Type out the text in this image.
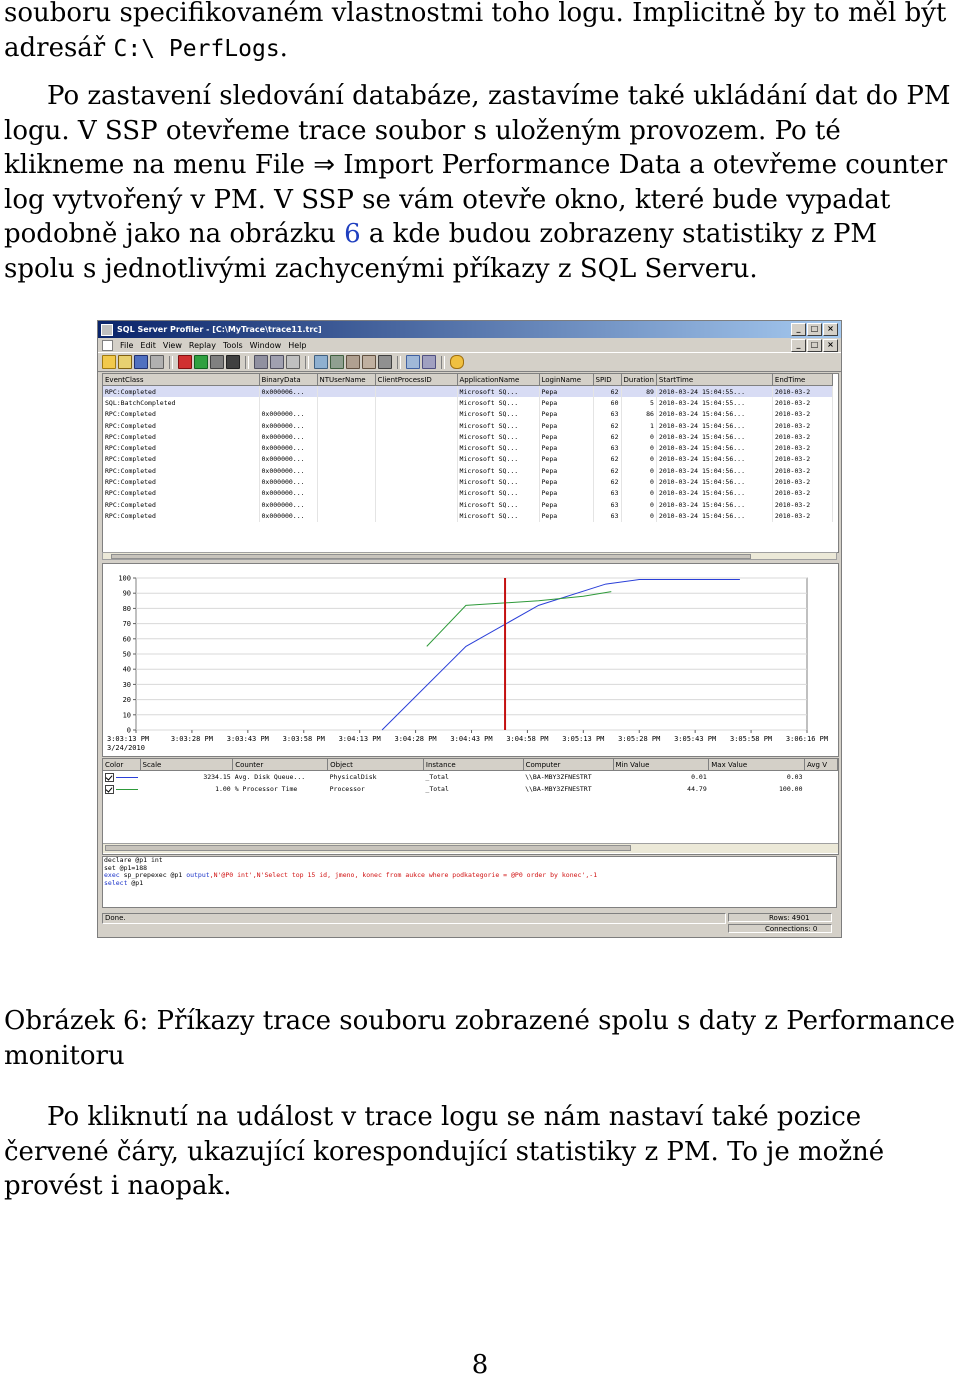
souboru specifikovaném vlastnostmi toho logu. Implicitně by to měl být
adresář C:\ PerfLogs.

Po zastavení sledování databáze, zastavíme také ukládání dat do PM logu. V SSP otevřeme trace soubor s uloženým provozem. Po té klikneme na menu File ⇒ Import Performance Data a otevřeme counter log vytvořený v PM. V SSP se vám otevře okno, které bude vypadat podobně jako na obrázku 6 a kde budou zobrazeny statistiky z PM spolu s jednotlivými zachycenými příkazy z SQL Serveru.

SQL Server Profiler - [C:\MyTrace\trace11.trc]	_	□	×
File Edit View Replay Tools Window Help	_	□	×
EventClass	BinaryData	NTUserName	ClientProcessID	ApplicationName	LoginName	SPID	Duration	StartTime	EndTime
RPC:Completed	0x000006...			Microsoft SQ...	Pepa	62	89	2010-03-24 15:04:55...	2010-03-2
SQL:BatchCompleted				Microsoft SQ...	Pepa	60	5	2010-03-24 15:04:55...	2010-03-2
RPC:Completed	0x000000...			Microsoft SQ...	Pepa	63	86	2010-03-24 15:04:56...	2010-03-2
RPC:Completed	0x000000...			Microsoft SQ...	Pepa	62	1	2010-03-24 15:04:56...	2010-03-2
RPC:Completed	0x000000...			Microsoft SQ...	Pepa	62	0	2010-03-24 15:04:56...	2010-03-2
RPC:Completed	0x000000...			Microsoft SQ...	Pepa	63	0	2010-03-24 15:04:56...	2010-03-2
RPC:Completed	0x000000...			Microsoft SQ...	Pepa	62	0	2010-03-24 15:04:56...	2010-03-2
RPC:Completed	0x000000...			Microsoft SQ...	Pepa	62	0	2010-03-24 15:04:56...	2010-03-2
RPC:Completed	0x000000...			Microsoft SQ...	Pepa	62	0	2010-03-24 15:04:56...	2010-03-2
RPC:Completed	0x000000...			Microsoft SQ...	Pepa	63	0	2010-03-24 15:04:56...	2010-03-2
RPC:Completed	0x000000...			Microsoft SQ...	Pepa	63	0	2010-03-24 15:04:56...	2010-03-2
RPC:Completed	0x000000...			Microsoft SQ...	Pepa	63	0	2010-03-24 15:04:56...	2010-03-2
100
90
80
70
60
50
40
30
20
10
0
3:03:13 PM	3:03:28 PM 3:03:43 PM 3:03:58 PM 3:04:13 PM 3:04:28 PM 3:04:43 PM 3:04:58 PM 3:05:13 PM 3:05:28 PM 3:05:43 PM 3:05:58 PM 3:06:16 PM
3/24/2010
Color	Scale	Counter	Object	Instance	Computer	Min Value	Max Value	Avg V
	3234.15	Avg. Disk Queue...	PhysicalDisk	_Total	\\BA-MBY3ZFNESTRT	0.01	0.03	
	1.00	% Processor Time	Processor	_Total	\\BA-MBY3ZFNESTRT	44.79	100.00	
declare @p1 int
set @p1=188
exec sp_prepexec @p1 output,N'@P0 int',N'Select top 15 id, jmeno, konec from aukce where podkategorie = @P0 order by konec',-1
select @p1
Done.	Rows: 4901
Connections: 0

Obrázek 6: Příkazy trace souboru zobrazené spolu s daty z Performance monitoru

Po kliknutí na událost v trace logu se nám nastaví také pozice červené čáry, ukazující korespondující statistiky z PM. To je možné provést i naopak.

8
